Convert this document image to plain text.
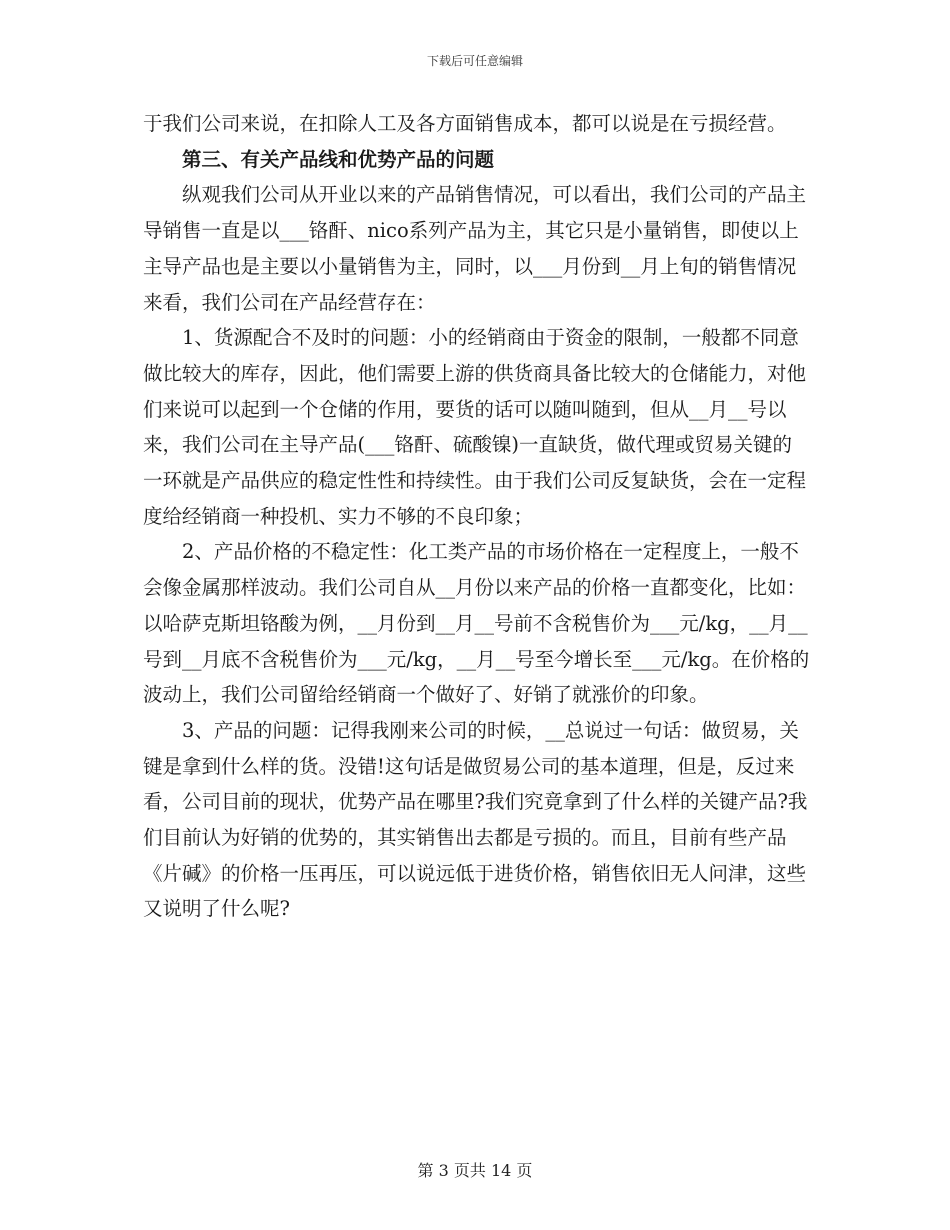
下载后可任意编辑

于我们公司来说，在扣除人工及各方面销售成本，都可以说是在亏损经营。

第三、有关产品线和优势产品的问题

纵观我们公司从开业以来的产品销售情况，可以看出，我们公司的产品主导销售一直是以___铬酐、nico系列产品为主，其它只是小量销售，即使以上主导产品也是主要以小量销售为主，同时，以___月份到__月上旬的销售情况来看，我们公司在产品经营存在：

1、货源配合不及时的问题：小的经销商由于资金的限制，一般都不同意做比较大的库存，因此，他们需要上游的供货商具备比较大的仓储能力，对他们来说可以起到一个仓储的作用，要货的话可以随叫随到，但从__月__号以来，我们公司在主导产品(___铬酐、硫酸镍)一直缺货，做代理或贸易关键的一环就是产品供应的稳定性性和持续性。由于我们公司反复缺货，会在一定程度给经销商一种投机、实力不够的不良印象；

2、产品价格的不稳定性：化工类产品的市场价格在一定程度上，一般不会像金属那样波动。我们公司自从__月份以来产品的价格一直都变化，比如：以哈萨克斯坦铬酸为例，__月份到__月__号前不含税售价为___元/kg，__月__号到__月底不含税售价为___元/kg，__月__号至今增长至___元/kg。在价格的波动上，我们公司留给经销商一个做好了、好销了就涨价的印象。

3、产品的问题：记得我刚来公司的时候，__总说过一句话：做贸易，关键是拿到什么样的货。没错!这句话是做贸易公司的基本道理，但是，反过来看，公司目前的现状，优势产品在哪里?我们究竟拿到了什么样的关键产品?我们目前认为好销的优势的，其实销售出去都是亏损的。而且，目前有些产品《片碱》的价格一压再压，可以说远低于进货价格，销售依旧无人问津，这些又说明了什么呢?

第 3 页共 14 页
